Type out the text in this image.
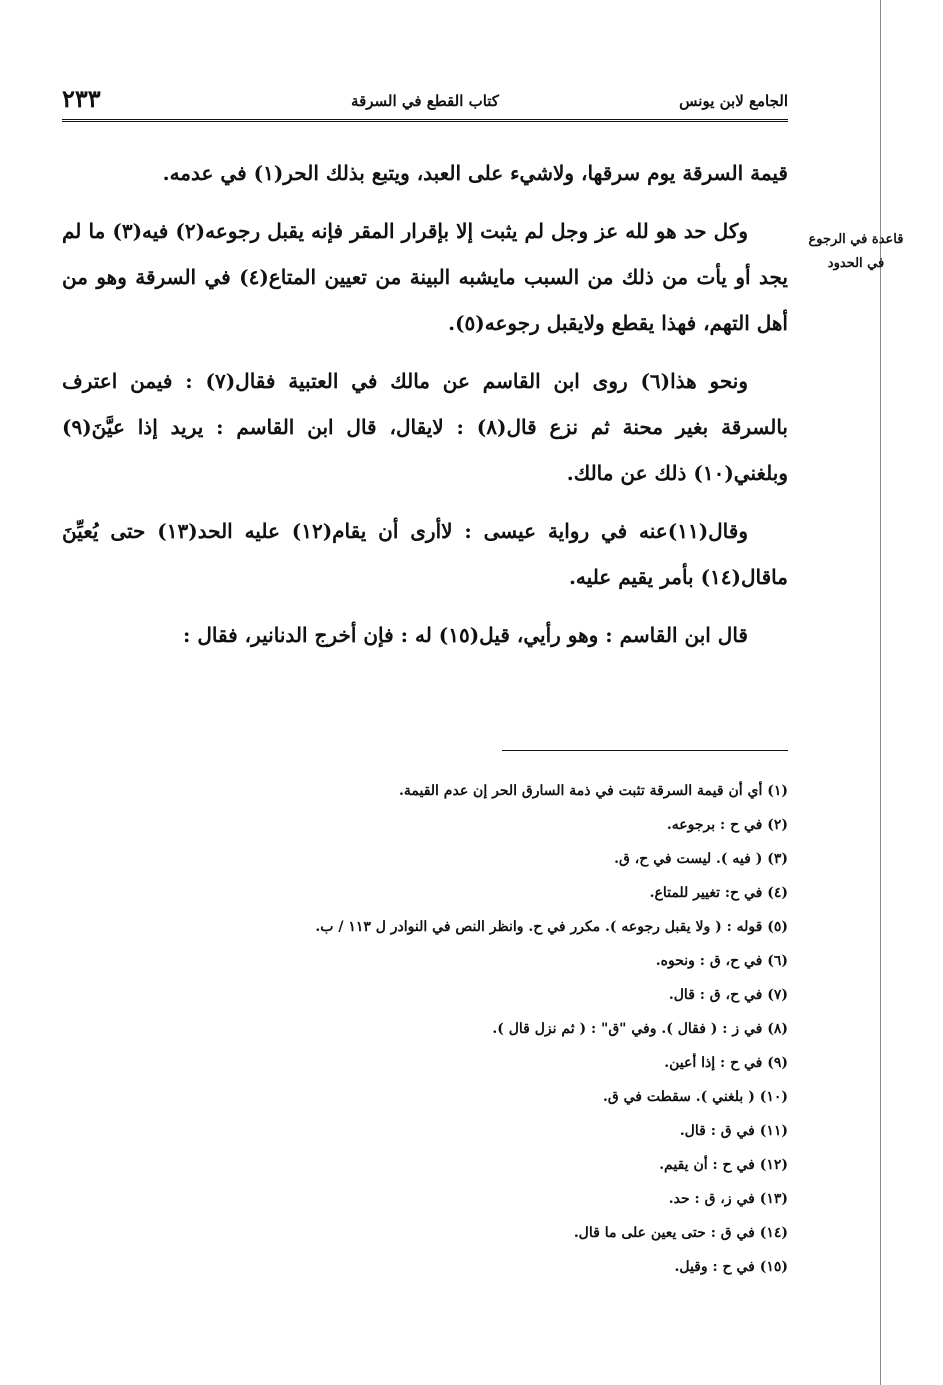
الجامع لابن يونس
كتاب القطع في السرقة
٢٣٣
قاعدة في الرجوع في الحدود

قيمة السرقة يوم سرقها، ولاشيء على العبد، ويتبع بذلك الحر(١) في عدمه.

وكل حد هو لله عز وجل لم يثبت إلا بإقرار المقر فإنه يقبل رجوعه(٢) فيه(٣) ما لم يجد أو يأت من ذلك من السبب مايشبه البينة من تعيين المتاع(٤) في السرقة وهو من أهل التهم، فهذا يقطع ولايقبل رجوعه(٥).

ونحو هذا(٦) روى ابن القاسم عن مالك في العتبية فقال(٧) : فيمن اعترف بالسرقة بغير محنة ثم نزع قال(٨) : لايقال، قال ابن القاسم : يريد إذا عيَّنَ(٩) وبلغني(١٠) ذلك عن مالك.

وقال(١١)عنه في رواية عيسى : لاأرى أن يقام(١٢) عليه الحد(١٣) حتى يُعيِّنَ ماقال(١٤) بأمر يقيم عليه.

قال ابن القاسم : وهو رأيي، قيل(١٥) له : فإن أخرج الدنانير، فقال :

(١) أي أن قيمة السرقة تثبت في ذمة السارق الحر إن عدم القيمة.
(٢) في ح : برجوعه.
(٣) ( فيه ). ليست في ح، ق.
(٤) في ح: تغيير للمتاع.
(٥) قوله : ( ولا يقبل رجوعه ). مكرر في ح. وانظر النص في النوادر ل ١١٣ / ب.
(٦) في ح، ق : ونحوه.
(٧) في ح، ق : قال.
(٨) في ز : ( فقال ). وفي "ق" : ( ثم نزل قال ).
(٩) في ح : إذا أعين.
(١٠) ( بلغني ). سقطت في ق.
(١١) في ق : قال.
(١٢) في ح : أن يقيم.
(١٣) في ز، ق : حد.
(١٤) في ق : حتى يعين على ما قال.
(١٥) في ح : وقيل.
